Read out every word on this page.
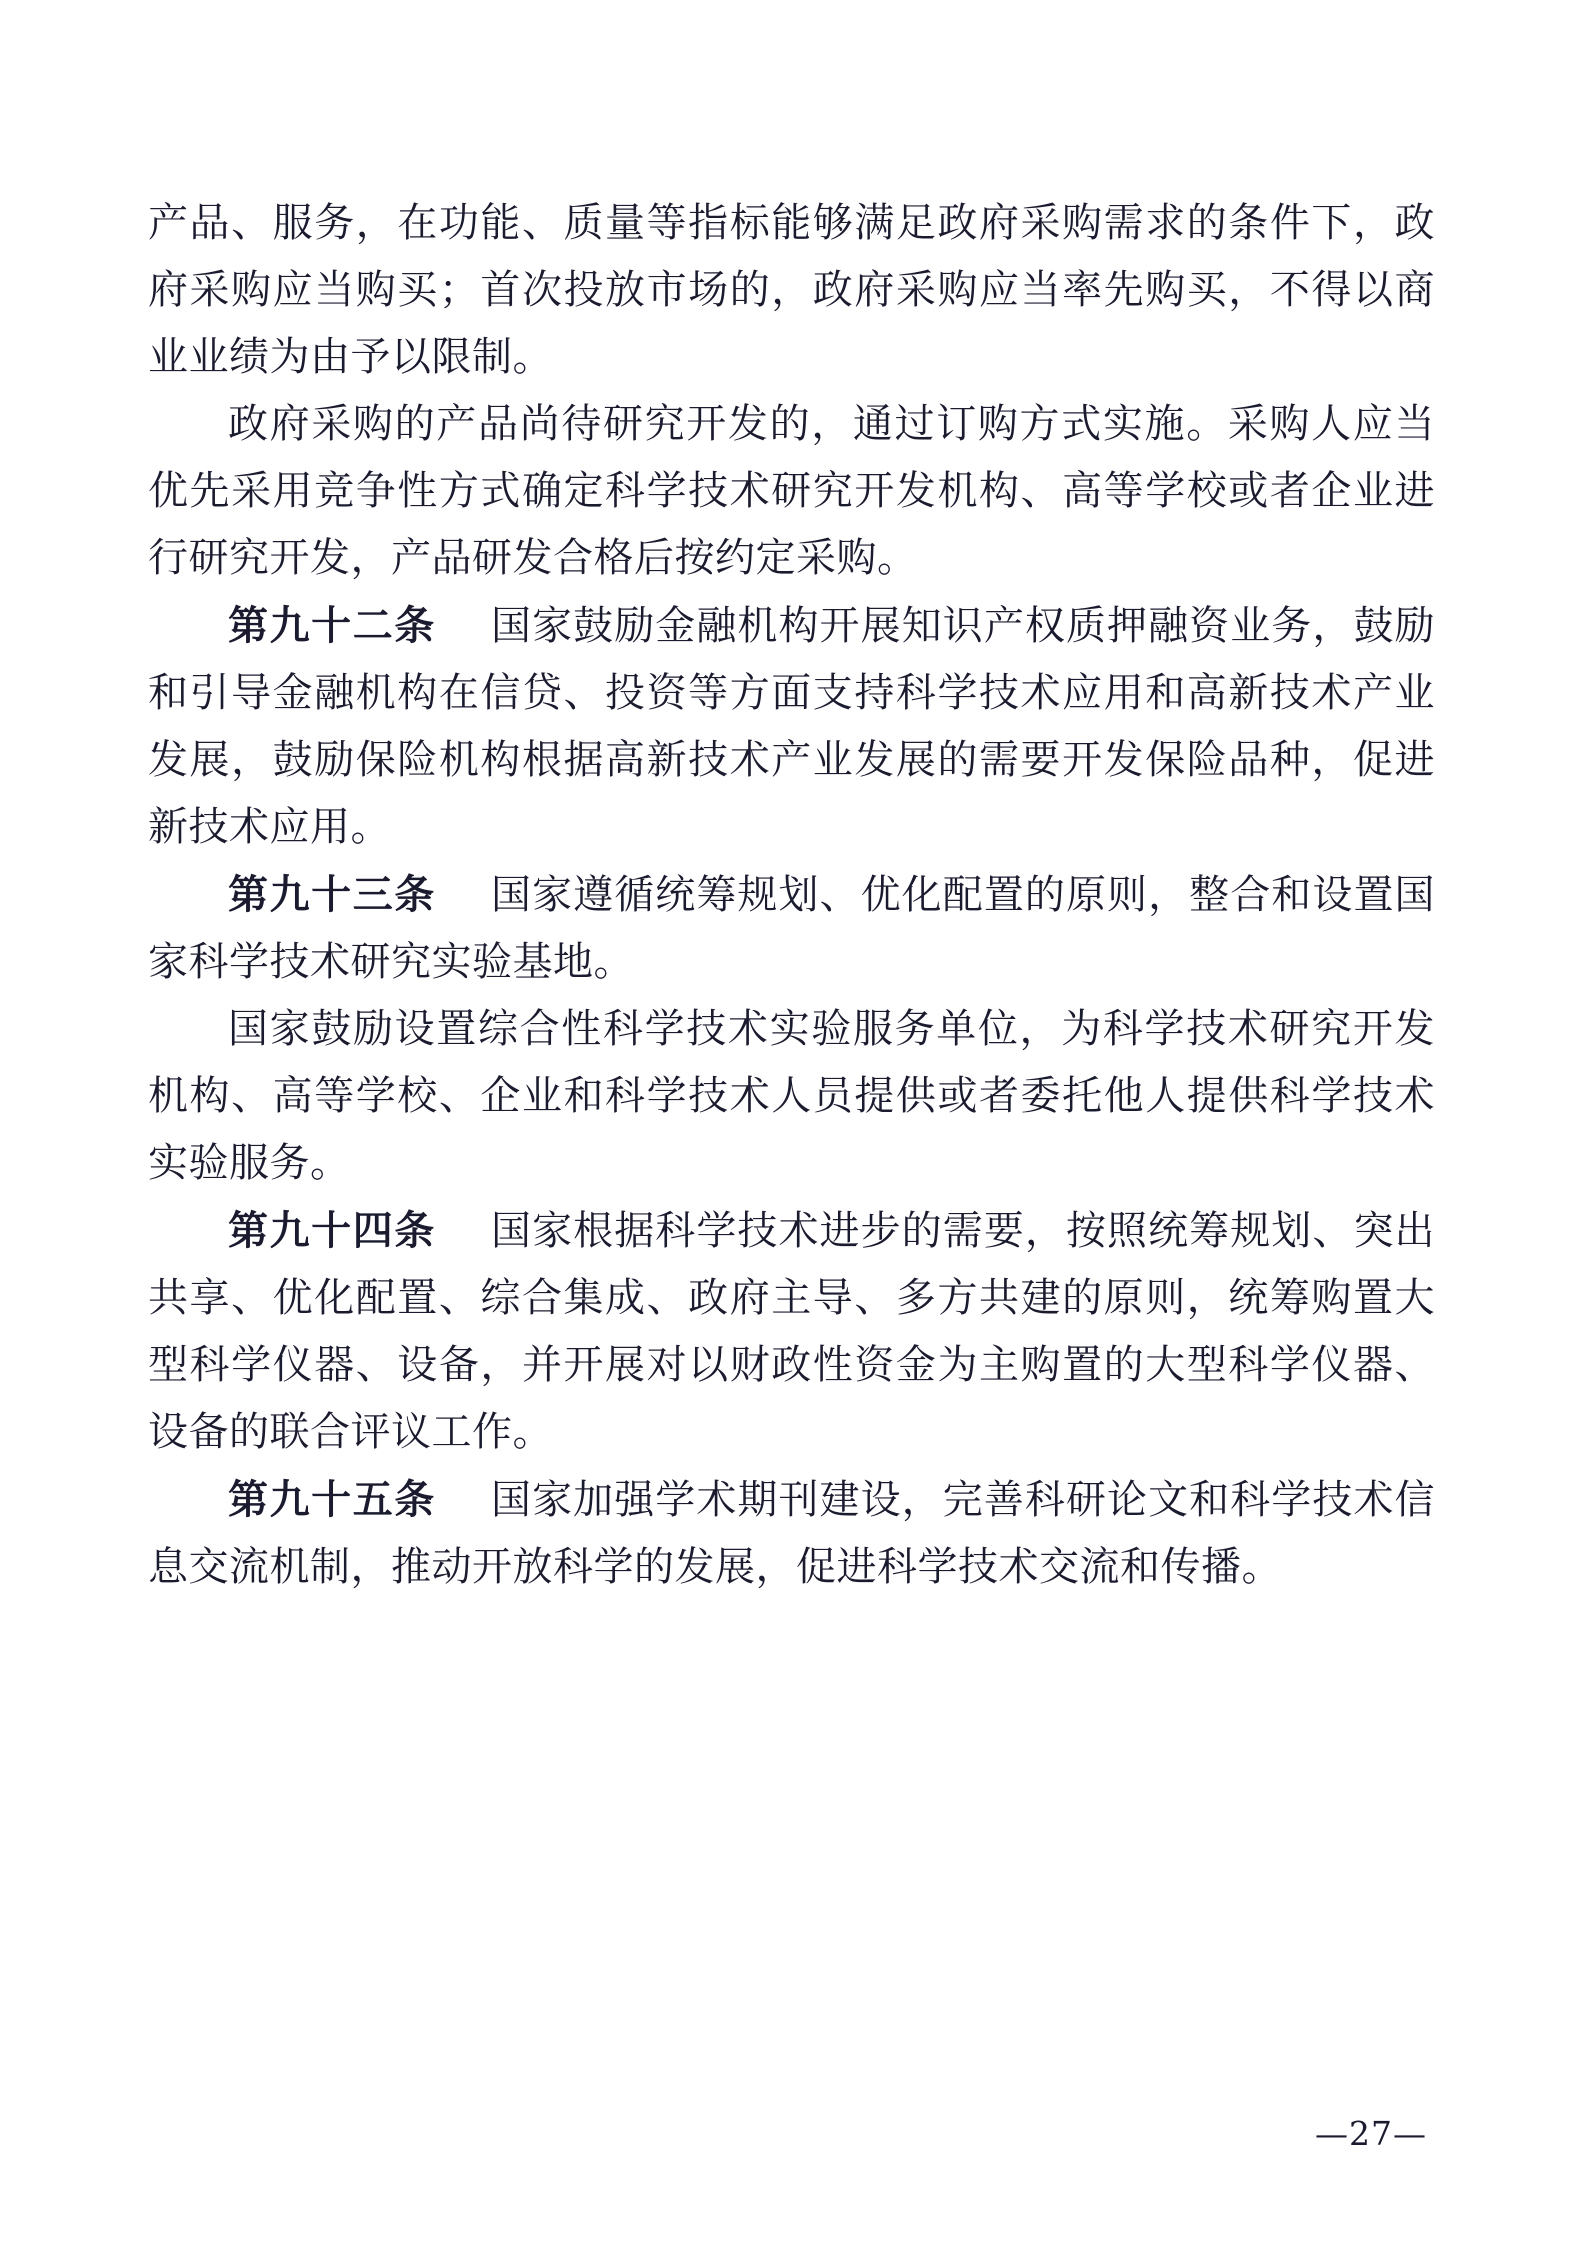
产品、服务，在功能、质量等指标能够满足政府采购需求的条件下，政府采购应当购买；首次投放市场的，政府采购应当率先购买，不得以商业业绩为由予以限制。

政府采购的产品尚待研究开发的，通过订购方式实施。采购人应当优先采用竞争性方式确定科学技术研究开发机构、高等学校或者企业进行研究开发，产品研发合格后按约定采购。

第九十二条 国家鼓励金融机构开展知识产权质押融资业务，鼓励和引导金融机构在信贷、投资等方面支持科学技术应用和高新技术产业发展，鼓励保险机构根据高新技术产业发展的需要开发保险品种，促进新技术应用。

第九十三条 国家遵循统筹规划、优化配置的原则，整合和设置国家科学技术研究实验基地。

国家鼓励设置综合性科学技术实验服务单位，为科学技术研究开发机构、高等学校、企业和科学技术人员提供或者委托他人提供科学技术实验服务。

第九十四条 国家根据科学技术进步的需要，按照统筹规划、突出共享、优化配置、综合集成、政府主导、多方共建的原则，统筹购置大型科学仪器、设备，并开展对以财政性资金为主购置的大型科学仪器、设备的联合评议工作。

第九十五条 国家加强学术期刊建设，完善科研论文和科学技术信息交流机制，推动开放科学的发展，促进科学技术交流和传播。

—27—
